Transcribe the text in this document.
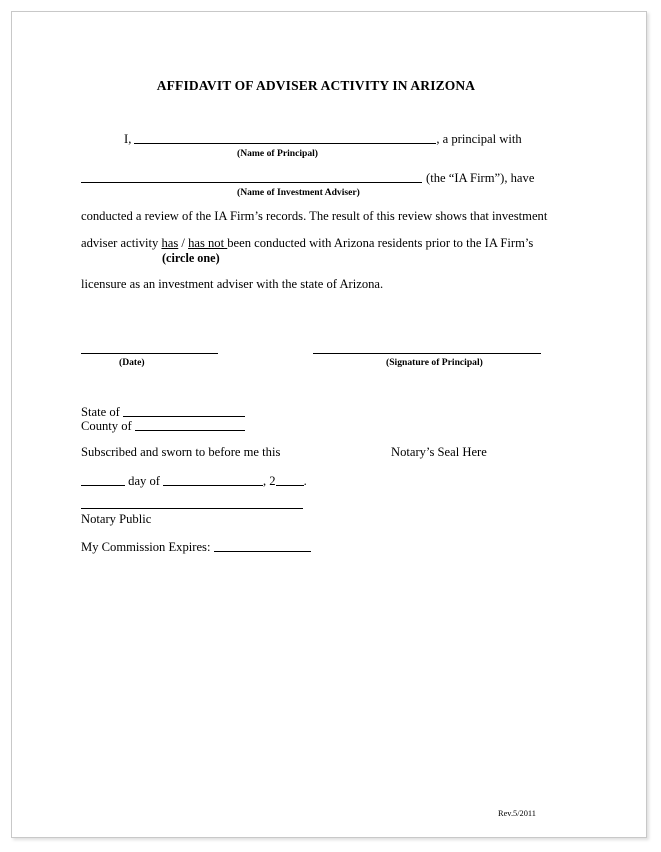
AFFIDAVIT OF ADVISER ACTIVITY IN ARIZONA
I,	, a principal with
(Name of Principal)
(the “IA Firm”), have
(Name of Investment Adviser)
conducted a review of the IA Firm’s records. The result of this review shows that investment
adviser activity has / has not been conducted with Arizona residents prior to the IA Firm’s
(circle one)
licensure as an investment adviser with the state of Arizona.
(Date)	(Signature of Principal)
State of
County of
Subscribed and sworn to before me this	Notary’s Seal Here
day of	, 2 .
Notary Public
My Commission Expires:
Rev.5/2011
